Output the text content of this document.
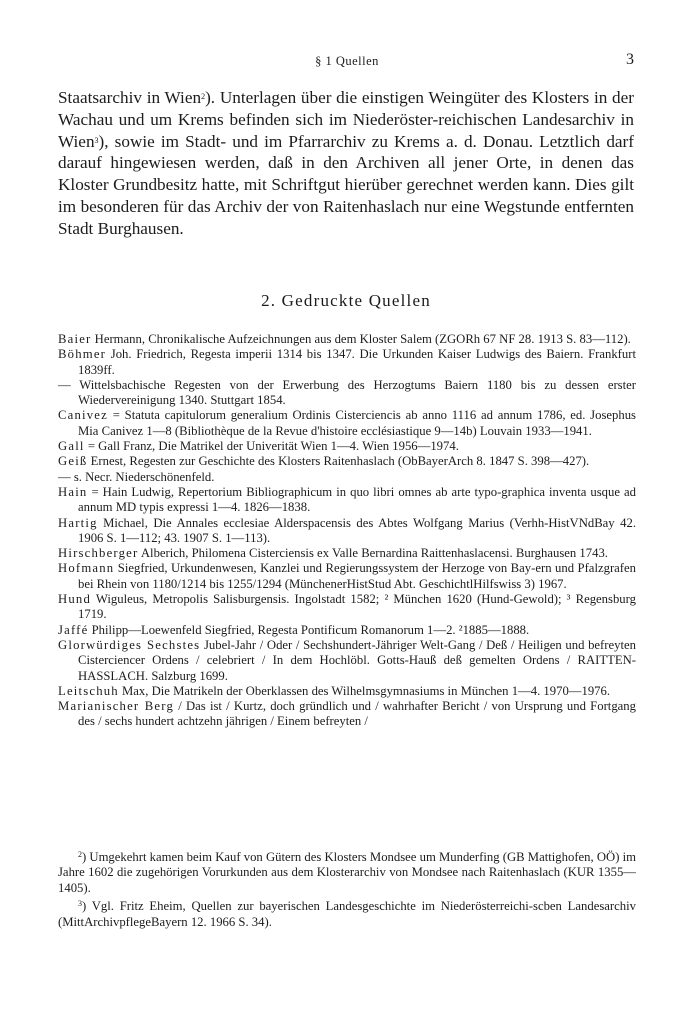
§ 1 Quellen	3

Staatsarchiv in Wien$^2$). Unterlagen über die einstigen Weingüter des Klosters in der Wachau und um Krems befinden sich im Niederöster-reichischen Landesarchiv in Wien$^3$), sowie im Stadt- und im Pfarrarchiv zu Krems a. d. Donau. Letztlich darf darauf hingewiesen werden, daß in den Archiven all jener Orte, in denen das Kloster Grundbesitz hatte, mit Schriftgut hierüber gerechnet werden kann. Dies gilt im besonderen für das Archiv der von Raitenhaslach nur eine Wegstunde entfernten Stadt Burghausen.

2. Gedruckte Quellen
Baier Hermann, Chronikalische Aufzeichnungen aus dem Kloster Salem (ZGORh 67 NF 28. 1913 S. 83—112).
Böhmer Joh. Friedrich, Regesta imperii 1314 bis 1347. Die Urkunden Kaiser Ludwigs des Baiern. Frankfurt 1839ff.
— Wittelsbachische Regesten von der Erwerbung des Herzogtums Baiern 1180 bis zu dessen erster Wiedervereinigung 1340. Stuttgart 1854.
Canivez = Statuta capitulorum generalium Ordinis Cisterciencis ab anno 1116 ad annum 1786, ed. Josephus Mia Canivez 1—8 (Bibliothèque de la Revue d'histoire ecclésiastique 9—14b) Louvain 1933—1941.
Gall = Gall Franz, Die Matrikel der Univerität Wien 1—4. Wien 1956—1974.
Geiß Ernest, Regesten zur Geschichte des Klosters Raitenhaslach (ObBayerArch 8. 1847 S. 398—427).
— s. Necr. Niederschönenfeld.
Hain = Hain Ludwig, Repertorium Bibliographicum in quo libri omnes ab arte typo-graphica inventa usque ad annum MD typis expressi 1—4. 1826—1838.
Hartig Michael, Die Annales ecclesiae Alderspacensis des Abtes Wolfgang Marius (Verhh-HistVNdBay 42. 1906 S. 1—112; 43. 1907 S. 1—113).
Hirschberger Alberich, Philomena Cisterciensis ex Valle Bernardina Raittenhaslacensi. Burghausen 1743.
Hofmann Siegfried, Urkundenwesen, Kanzlei und Regierungssystem der Herzoge von Bay-ern und Pfalzgrafen bei Rhein von 1180/1214 bis 1255/1294 (MünchenerHistStud Abt. GeschichtlHilfswiss 3) 1967.
Hund Wiguleus, Metropolis Salisburgensis. Ingolstadt 1582; ² München 1620 (Hund-Gewold); ³ Regensburg 1719.
Jaffé Philipp—Loewenfeld Siegfried, Regesta Pontificum Romanorum 1—2. ²1885—1888.
Glorwürdiges Sechstes Jubel-Jahr / Oder / Sechshundert-Jähriger Welt-Gang / Deß / Heiligen und befreyten Cisterciencer Ordens / celebriert / In dem Hochlöbl. Gotts-Hauß deß gemelten Ordens / RAITTEN-HASSLACH. Salzburg 1699.
Leitschuh Max, Die Matrikeln der Oberklassen des Wilhelmsgymnasiums in München 1—4. 1970—1976.
Marianischer Berg / Das ist / Kurtz, doch gründlich und / wahrhafter Bericht / von Ursprung und Fortgang des / sechs hundert achtzehn jährigen / Einem befreyten /

$^2$) Umgekehrt kamen beim Kauf von Gütern des Klosters Mondsee um Munderfing (GB Mattighofen, OÖ) im Jahre 1602 die zugehörigen Vorurkunden aus dem Klosterarchiv von Mondsee nach Raitenhaslach (KUR 1355—1405).

$^3$) Vgl. Fritz Eheim, Quellen zur bayerischen Landesgeschichte im Niederösterreichi-scben Landesarchiv (MittArchivpflegeBayern 12. 1966 S. 34).
